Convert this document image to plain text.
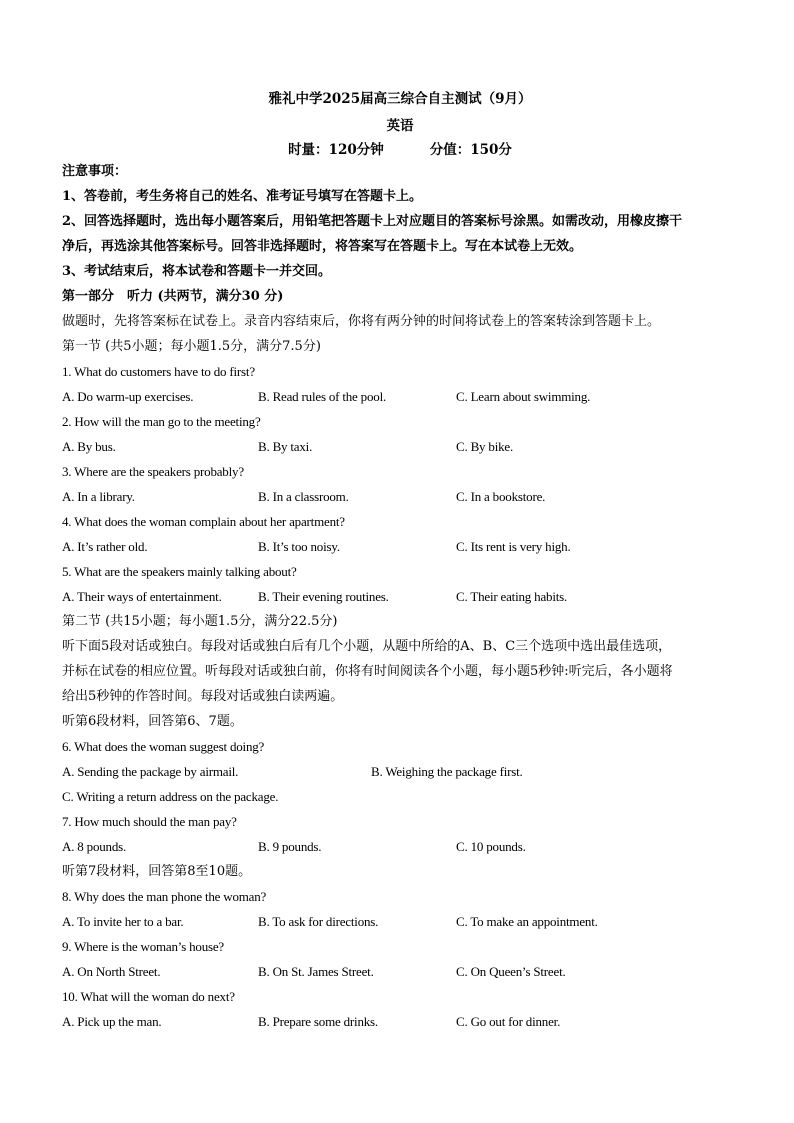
雅礼中学2025届高三综合自主测试（9月）
英语
时量：120分钟	分值：150分
注意事项：
1、答卷前，考生务将自己的姓名、准考证号填写在答题卡上。
2、回答选择题时，选出每小题答案后，用铅笔把答题卡上对应题目的答案标号涂黑。如需改动，用橡皮擦干
净后，再选涂其他答案标号。回答非选择题时，将答案写在答题卡上。写在本试卷上无效。
3、考试结束后，将本试卷和答题卡一并交回。
第一部分　听力 (共两节，满分30 分)
做题时，先将答案标在试卷上。录音内容结束后，你将有两分钟的时间将试卷上的答案转涂到答题卡上。
第一节 (共5小题；每小题1.5分，满分7.5分)
1. What do customers have to do first?
A. Do warm-up exercises.	B. Read rules of the pool.	C. Learn about swimming.
2. How will the man go to the meeting?
A. By bus.	B. By taxi.	C. By bike.
3. Where are the speakers probably?
A. In a library.	B. In a classroom.	C. In a bookstore.
4. What does the woman complain about her apartment?
A. It’s rather old.	B. It’s too noisy.	C. Its rent is very high.
5. What are the speakers mainly talking about?
A. Their ways of entertainment.	B. Their evening routines.	C. Their eating habits.
第二节 (共15小题；每小题1.5分，满分22.5分)
听下面5段对话或独白。每段对话或独白后有几个小题，从题中所给的A、B、C三个选项中选出最佳选项，
并标在试卷的相应位置。听每段对话或独白前，你将有时间阅读各个小题，每小题5秒钟:听完后，各小题将
给出5秒钟的作答时间。每段对话或独白读两遍。
听第6段材料，回答第6、7题。
6. What does the woman suggest doing?
A. Sending the package by airmail.	B. Weighing the package first.
C. Writing a return address on the package.
7. How much should the man pay?
A. 8 pounds.	B. 9 pounds.	C. 10 pounds.
听第7段材料，回答第8至10题。
8. Why does the man phone the woman?
A. To invite her to a bar.	B. To ask for directions.	C. To make an appointment.
9. Where is the woman’s house?
A. On North Street.	B. On St. James Street.	C. On Queen’s Street.
10. What will the woman do next?
A. Pick up the man.	B. Prepare some drinks.	C. Go out for dinner.
